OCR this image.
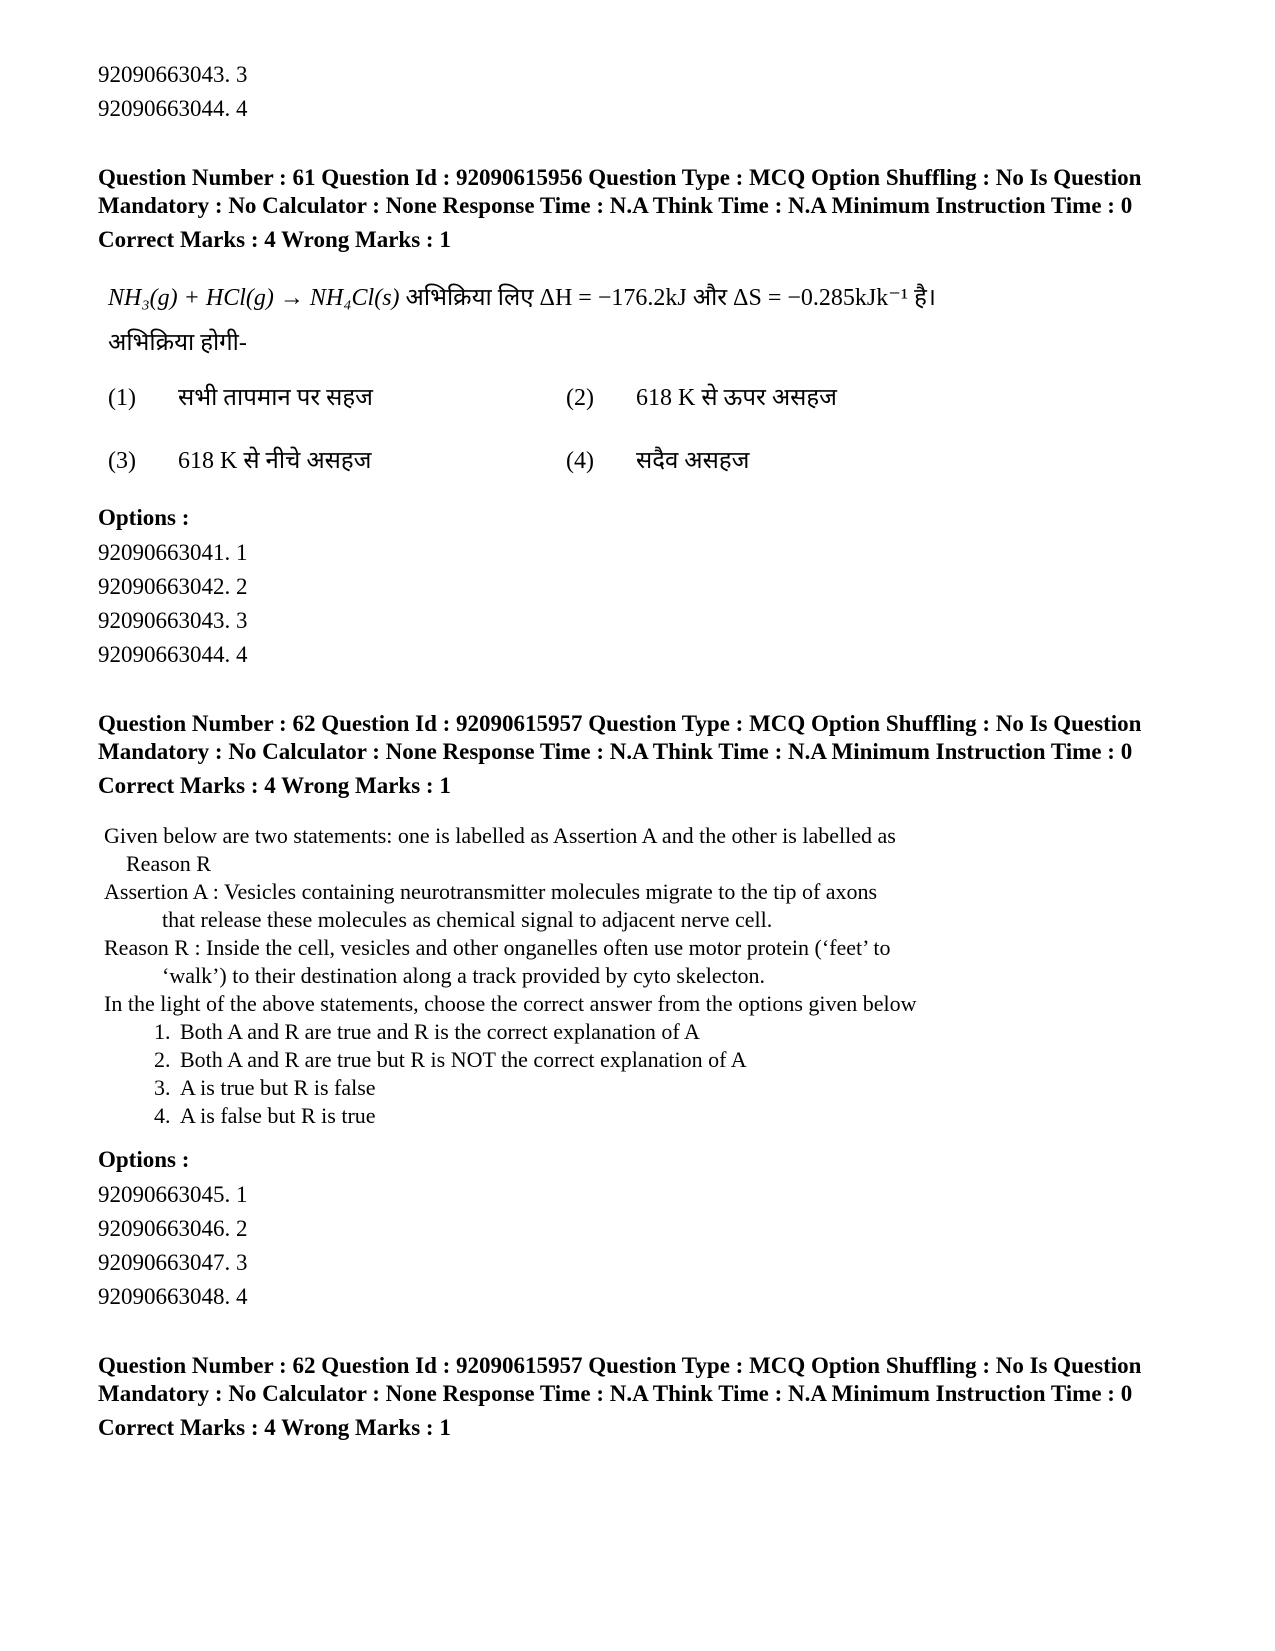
92090663043. 3
92090663044. 4
Question Number : 61 Question Id : 92090615956 Question Type : MCQ Option Shuffling : No Is Question Mandatory : No Calculator : None Response Time : N.A Think Time : N.A Minimum Instruction Time : 0
Correct Marks : 4 Wrong Marks : 1
NH₃(g) + HCl(g) → NH₄Cl(s) अभिक्रिया लिए ΔH = −176.2kJ और ΔS = −0.285kJk⁻¹ है।
अभिक्रिया होगी-
(1) सभी तापमान पर सहज	(2) 618 K से ऊपर असहज
(3) 618 K से नीचे असहज	(4) सदैव असहज
Options :
92090663041. 1
92090663042. 2
92090663043. 3
92090663044. 4
Question Number : 62 Question Id : 92090615957 Question Type : MCQ Option Shuffling : No Is Question Mandatory : No Calculator : None Response Time : N.A Think Time : N.A Minimum Instruction Time : 0
Correct Marks : 4 Wrong Marks : 1
Given below are two statements: one is labelled as Assertion A and the other is labelled as
Reason R
Assertion A : Vesicles containing neurotransmitter molecules migrate to the tip of axons
that release these molecules as chemical signal to adjacent nerve cell.
Reason R : Inside the cell, vesicles and other onganelles often use motor protein (‘feet’ to
‘walk’) to their destination along a track provided by cyto skelecton.
In the light of the above statements, choose the correct answer from the options given below
1. Both A and R are true and R is the correct explanation of A
2. Both A and R are true but R is NOT the correct explanation of A
3. A is true but R is false
4. A is false but R is true
Options :
92090663045. 1
92090663046. 2
92090663047. 3
92090663048. 4
Question Number : 62 Question Id : 92090615957 Question Type : MCQ Option Shuffling : No Is Question Mandatory : No Calculator : None Response Time : N.A Think Time : N.A Minimum Instruction Time : 0
Correct Marks : 4 Wrong Marks : 1
